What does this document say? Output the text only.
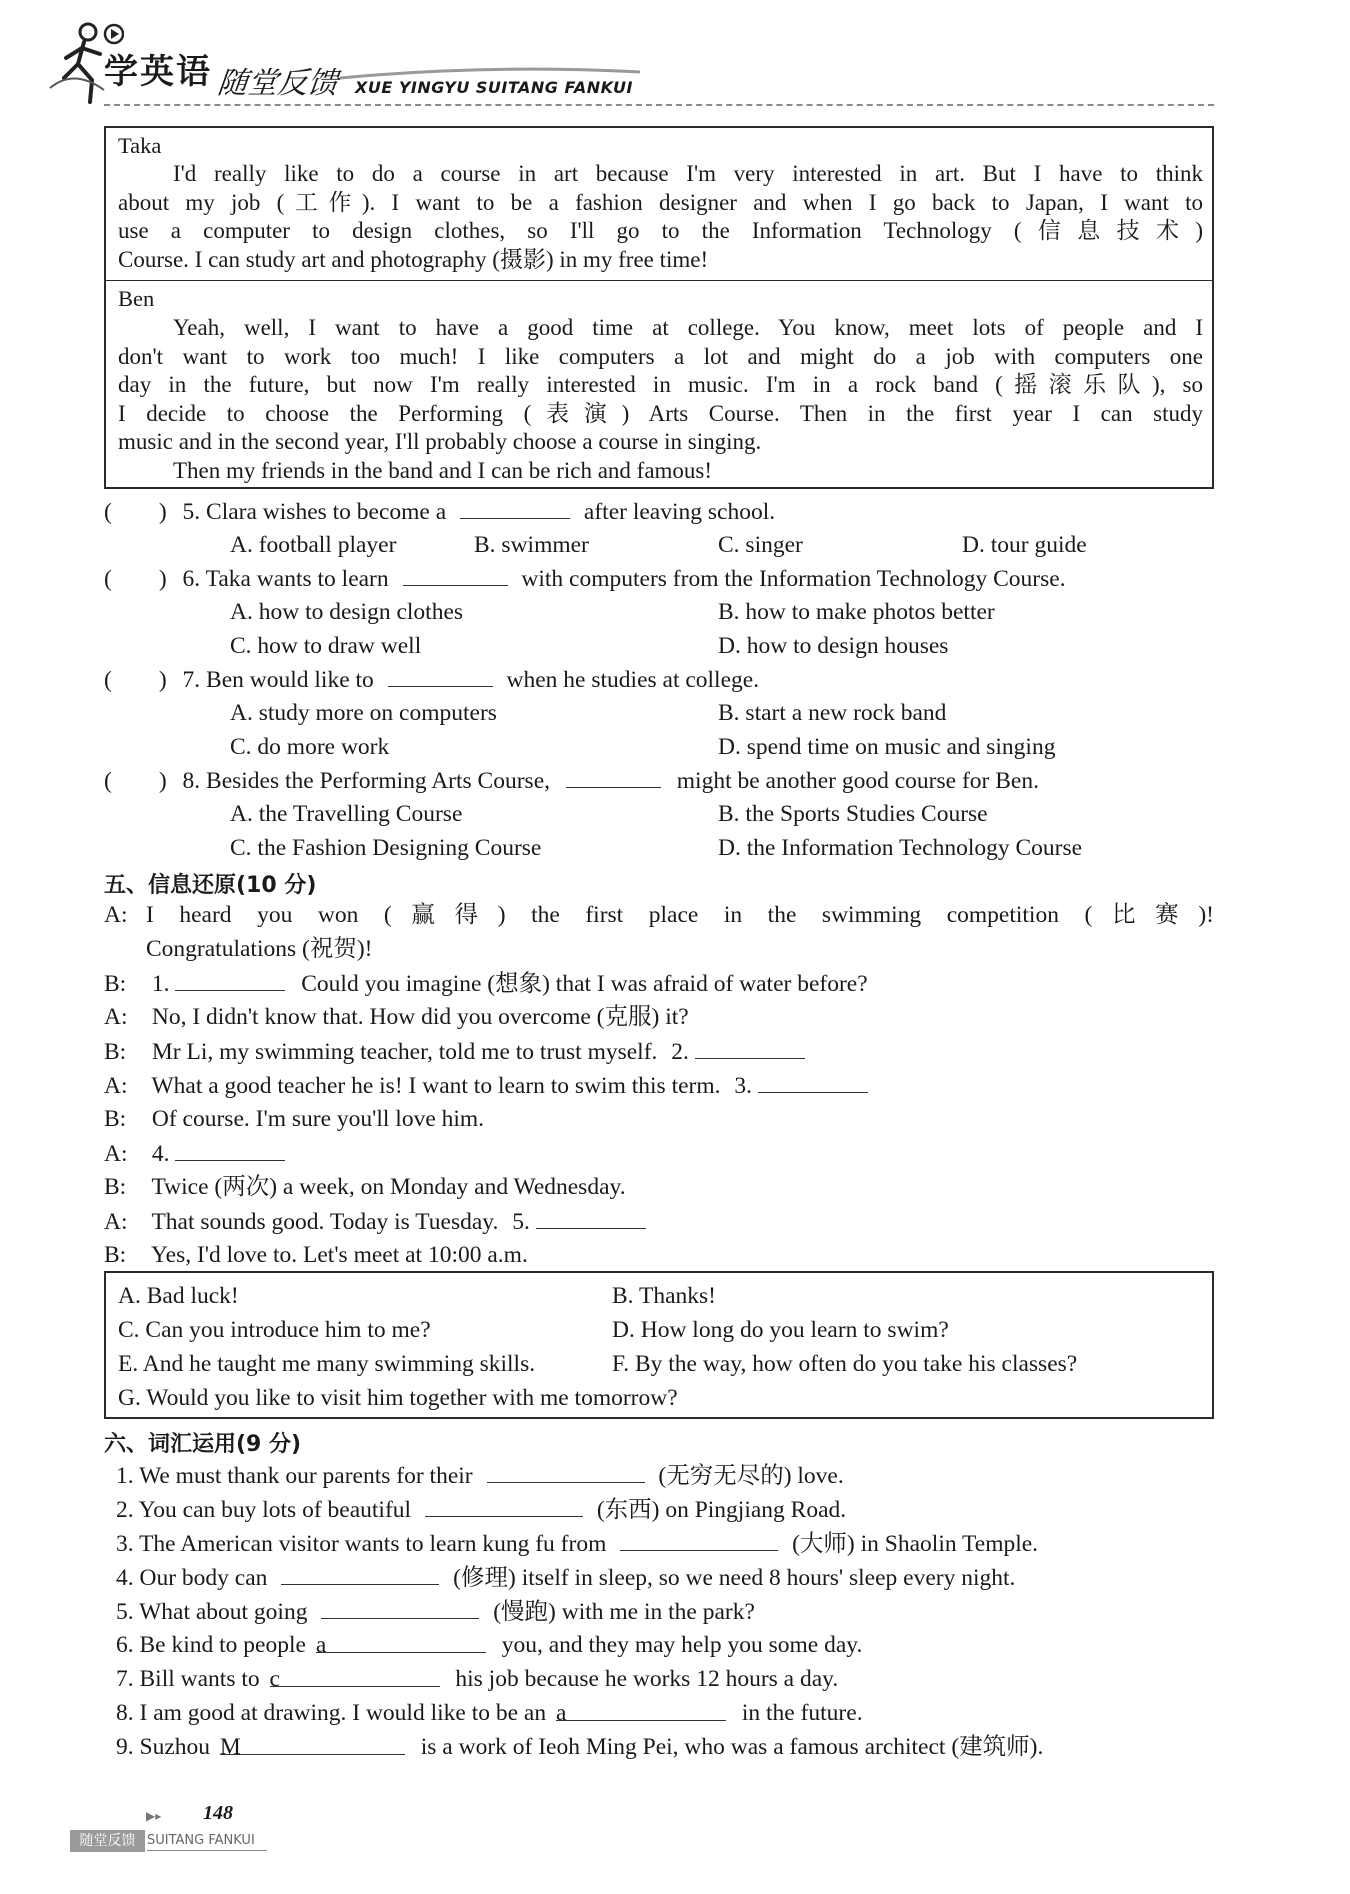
学英语 随堂反馈 XUE YINGYU SUITANG FANKUI
Taka
I'd really like to do a course in art because I'm very interested in art. But I have to think
about my job (工作). I want to be a fashion designer and when I go back to Japan, I want to
use a computer to design clothes, so I'll go to the Information Technology (信息技术)
Course. I can study art and photography (摄影) in my free time!
Ben
Yeah, well, I want to have a good time at college. You know, meet lots of people and I
don't want to work too much! I like computers a lot and might do a job with computers one
day in the future, but now I'm really interested in music. I'm in a rock band (摇滚乐队), so
I decide to choose the Performing (表演) Arts Course. Then in the first year I can study
music and in the second year, I'll probably choose a course in singing.
Then my friends in the band and I can be rich and famous!
(　　) 5. Clara wishes to become a	after leaving school.
A. football player	B. swimmer	C. singer	D. tour guide
(　　) 6. Taka wants to learn	with computers from the Information Technology Course.
A. how to design clothes	B. how to make photos better
C. how to draw well	D. how to design houses
(　　) 7. Ben would like to	when he studies at college.
A. study more on computers	B. start a new rock band
C. do more work	D. spend time on music and singing
(　　) 8. Besides the Performing Arts Course,	might be another good course for Ben.
A. the Travelling Course	B. the Sports Studies Course
C. the Fashion Designing Course	D. the Information Technology Course
五、信息还原(10 分)
A: I heard you won (赢得) the first place in the swimming competition (比赛)!
Congratulations (祝贺)!
B: 1.	Could you imagine (想象) that I was afraid of water before?
A: No, I didn't know that. How did you overcome (克服) it?
B: Mr Li, my swimming teacher, told me to trust myself. 2.
A: What a good teacher he is! I want to learn to swim this term. 3.
B: Of course. I'm sure you'll love him.
A: 4.
B: Twice (两次) a week, on Monday and Wednesday.
A: That sounds good. Today is Tuesday. 5.
B: Yes, I'd love to. Let's meet at 10:00 a.m.
A. Bad luck!	B. Thanks!
C. Can you introduce him to me?	D. How long do you learn to swim?
E. And he taught me many swimming skills.	F. By the way, how often do you take his classes?
G. Would you like to visit him together with me tomorrow?
六、词汇运用(9 分)
1. We must thank our parents for their	(无穷无尽的) love.
2. You can buy lots of beautiful	(东西) on Pingjiang Road.
3. The American visitor wants to learn kung fu from	(大师) in Shaolin Temple.
4. Our body can	(修理) itself in sleep, so we need 8 hours' sleep every night.
5. What about going	(慢跑) with me in the park?
6. Be kind to people a	you, and they may help you some day.
7. Bill wants to c	his job because he works 12 hours a day.
8. I am good at drawing. I would like to be an a	in the future.
9. Suzhou M	is a work of Ieoh Ming Pei, who was a famous architect (建筑师).
▶▸ 148
随堂反馈 SUITANG FANKUI
